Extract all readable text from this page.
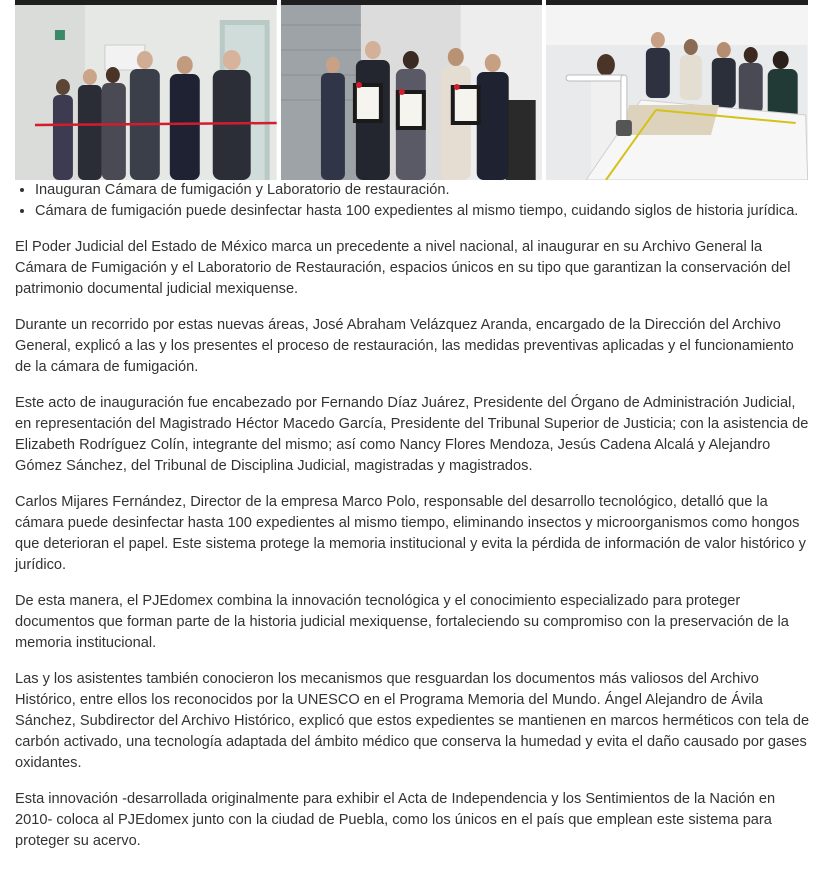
• Inauguran Cámara de fumigación y Laboratorio de restauración.
• Cámara de fumigación puede desinfectar hasta 100 expedientes al mismo tiempo, cuidando siglos de historia jurídica.

El Poder Judicial del Estado de México marca un precedente a nivel nacional, al inaugurar en su Archivo General la Cámara de Fumigación y el Laboratorio de Restauración, espacios únicos en su tipo que garantizan la conservación del patrimonio documental judicial mexiquense.

Durante un recorrido por estas nuevas áreas, José Abraham Velázquez Aranda, encargado de la Dirección del Archivo General, explicó a las y los presentes el proceso de restauración, las medidas preventivas aplicadas y el funcionamiento de la cámara de fumigación.

Este acto de inauguración fue encabezado por Fernando Díaz Juárez, Presidente del Órgano de Administración Judicial, en representación del Magistrado Héctor Macedo García, Presidente del Tribunal Superior de Justicia; con la asistencia de Elizabeth Rodríguez Colín, integrante del mismo; así como Nancy Flores Mendoza, Jesús Cadena Alcalá y Alejandro Gómez Sánchez, del Tribunal de Disciplina Judicial, magistradas y magistrados.

Carlos Mijares Fernández, Director de la empresa Marco Polo, responsable del desarrollo tecnológico, detalló que la cámara puede desinfectar hasta 100 expedientes al mismo tiempo, eliminando insectos y microorganismos como hongos que deterioran el papel. Este sistema protege la memoria institucional y evita la pérdida de información de valor histórico y jurídico.

De esta manera, el PJEdomex combina la innovación tecnológica y el conocimiento especializado para proteger documentos que forman parte de la historia judicial mexiquense, fortaleciendo su compromiso con la preservación de la memoria institucional.

Las y los asistentes también conocieron los mecanismos que resguardan los documentos más valiosos del Archivo Histórico, entre ellos los reconocidos por la UNESCO en el Programa Memoria del Mundo. Ángel Alejandro de Ávila Sánchez, Subdirector del Archivo Histórico, explicó que estos expedientes se mantienen en marcos herméticos con tela de carbón activado, una tecnología adaptada del ámbito médico que conserva la humedad y evita el daño causado por gases oxidantes.

Esta innovación -desarrollada originalmente para exhibir el Acta de Independencia y los Sentimientos de la Nación en 2010- coloca al PJEdomex junto con la ciudad de Puebla, como los únicos en el país que emplean este sistema para proteger su acervo.
